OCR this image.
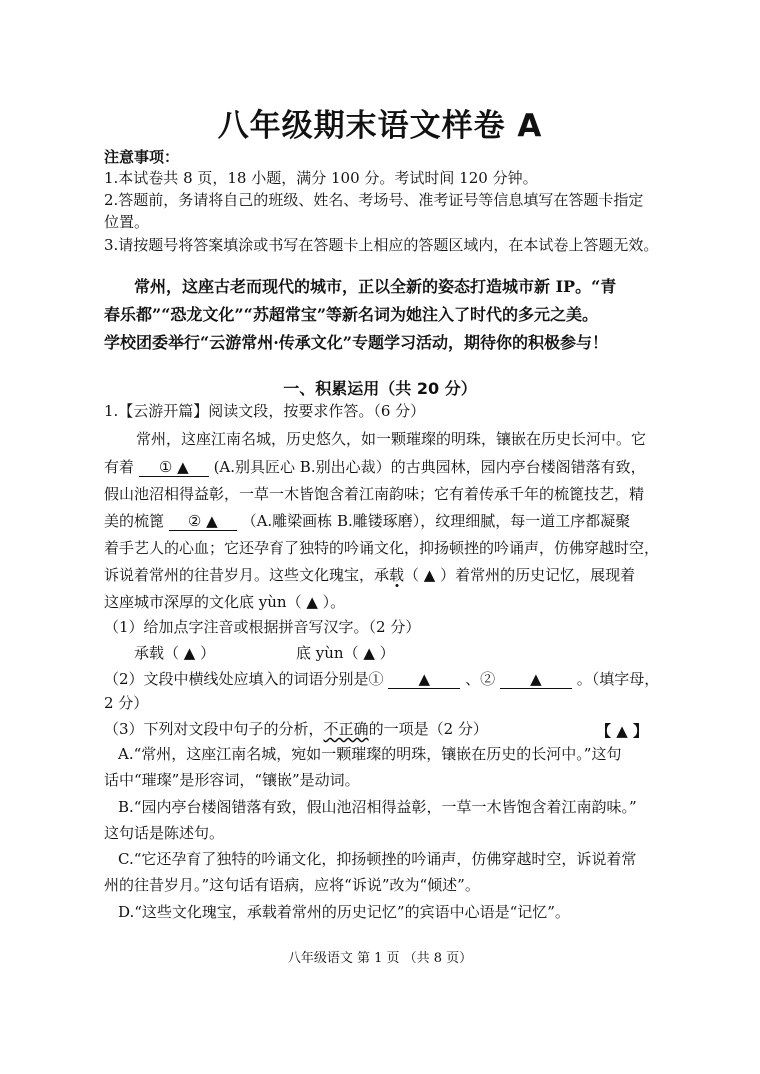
八年级期末语文样卷 A
注意事项：
1.本试卷共 8 页，18 小题，满分 100 分。考试时间 120 分钟。
2.答题前，务请将自己的班级、姓名、考场号、准考证号等信息填写在答题卡指定
位置。
3.请按题号将答案填涂或书写在答题卡上相应的答题区域内，在本试卷上答题无效。
常州，这座古老而现代的城市，正以全新的姿态打造城市新 IP。“青
春乐都”“恐龙文化”“苏超常宝”等新名词为她注入了时代的多元之美。
学校团委举行“云游常州·传承文化”专题学习活动，期待你的积极参与！
一、积累运用（共 20 分）
1.【云游开篇】阅读文段，按要求作答。（6 分）
常州，这座江南名城，历史悠久，如一颗璀璨的明珠，镶嵌在历史长河中。它
有着 ① ▲ (A.别具匠心 B.别出心裁）的古典园林，园内亭台楼阁错落有致，
假山池沼相得益彰，一草一木皆饱含着江南韵味；它有着传承千年的梳篦技艺，精
美的梳篦 ② ▲ （A.雕梁画栋 B.雕镂琢磨），纹理细腻，每一道工序都凝聚
着手艺人的心血；它还孕育了独特的吟诵文化，抑扬顿挫的吟诵声，仿佛穿越时空，
诉说着常州的往昔岁月。这些文化瑰宝，承载（ ▲ ）着常州的历史记忆，展现着
这座城市深厚的文化底 yùn（ ▲ ）。
（1）给加点字注音或根据拼音写汉字。（2 分）
承载（ ▲ ）	底 yùn（ ▲ ）
（2）文段中横线处应填入的词语分别是① ▲ 、② ▲ 。（填字母，
2 分）
（3）下列对文段中句子的分析，不正确的一项是（2 分）	【 ▲ 】
A.“常州，这座江南名城，宛如一颗璀璨的明珠，镶嵌在历史的长河中。”这句
话中“璀璨”是形容词，“镶嵌”是动词。
B.“园内亭台楼阁错落有致，假山池沼相得益彰，一草一木皆饱含着江南韵味。”
这句话是陈述句。
C.“它还孕育了独特的吟诵文化，抑扬顿挫的吟诵声，仿佛穿越时空，诉说着常
州的往昔岁月。”这句话有语病，应将“诉说”改为“倾述”。
D.“这些文化瑰宝，承载着常州的历史记忆”的宾语中心语是“记忆”。
八年级语文 第 1 页 （共 8 页）
